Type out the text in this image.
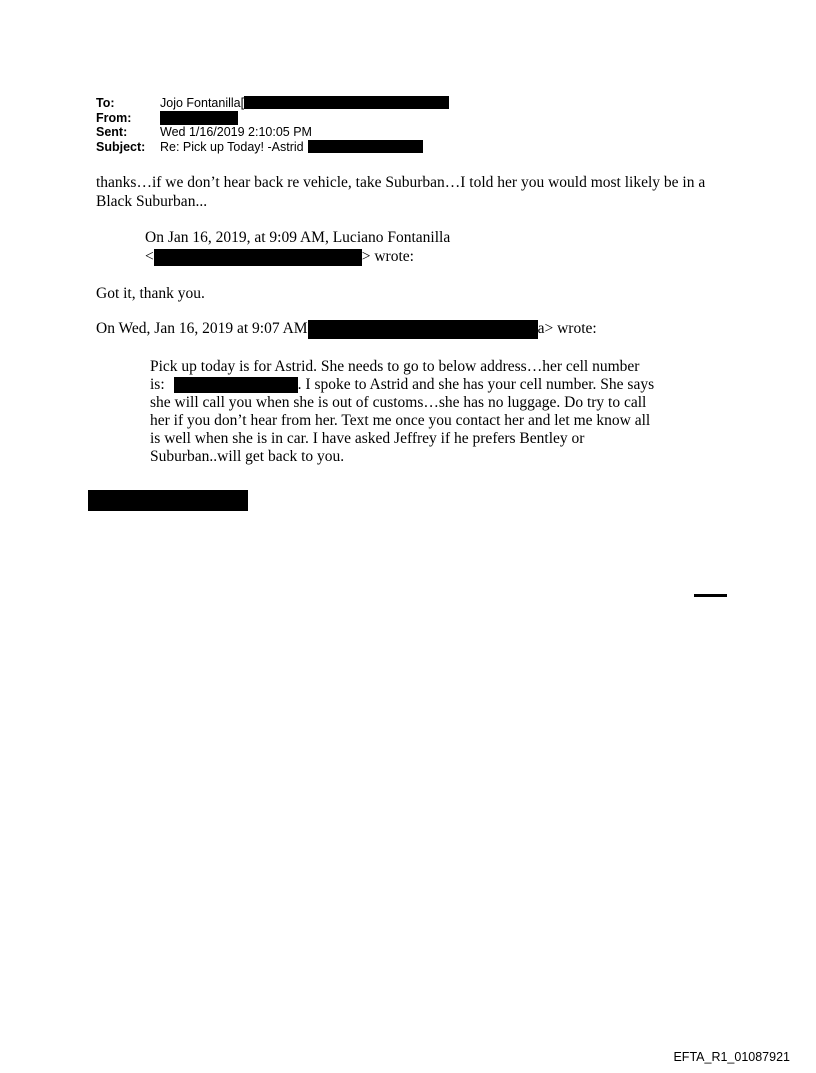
To:	Jojo Fontanilla[
From:
Sent:	Wed 1/16/2019 2:10:05 PM
Subject:	Re: Pick up Today! -Astrid
thanks…if we don’t hear back re vehicle, take Suburban…I told her you would most likely be in a
Black Suburban...
On Jan 16, 2019, at 9:09 AM, Luciano Fontanilla
<	> wrote:
Got it, thank you.
On Wed, Jan 16, 2019 at 9:07 AM	a> wrote:
Pick up today is for Astrid. She needs to go to below address…her cell number
is:	. I spoke to Astrid and she has your cell number. She says
she will call you when she is out of customs…she has no luggage. Do try to call
her if you don’t hear from her. Text me once you contact her and let me know all
is well when she is in car. I have asked Jeffrey if he prefers Bentley or
Suburban..will get back to you.
EFTA_R1_01087921
